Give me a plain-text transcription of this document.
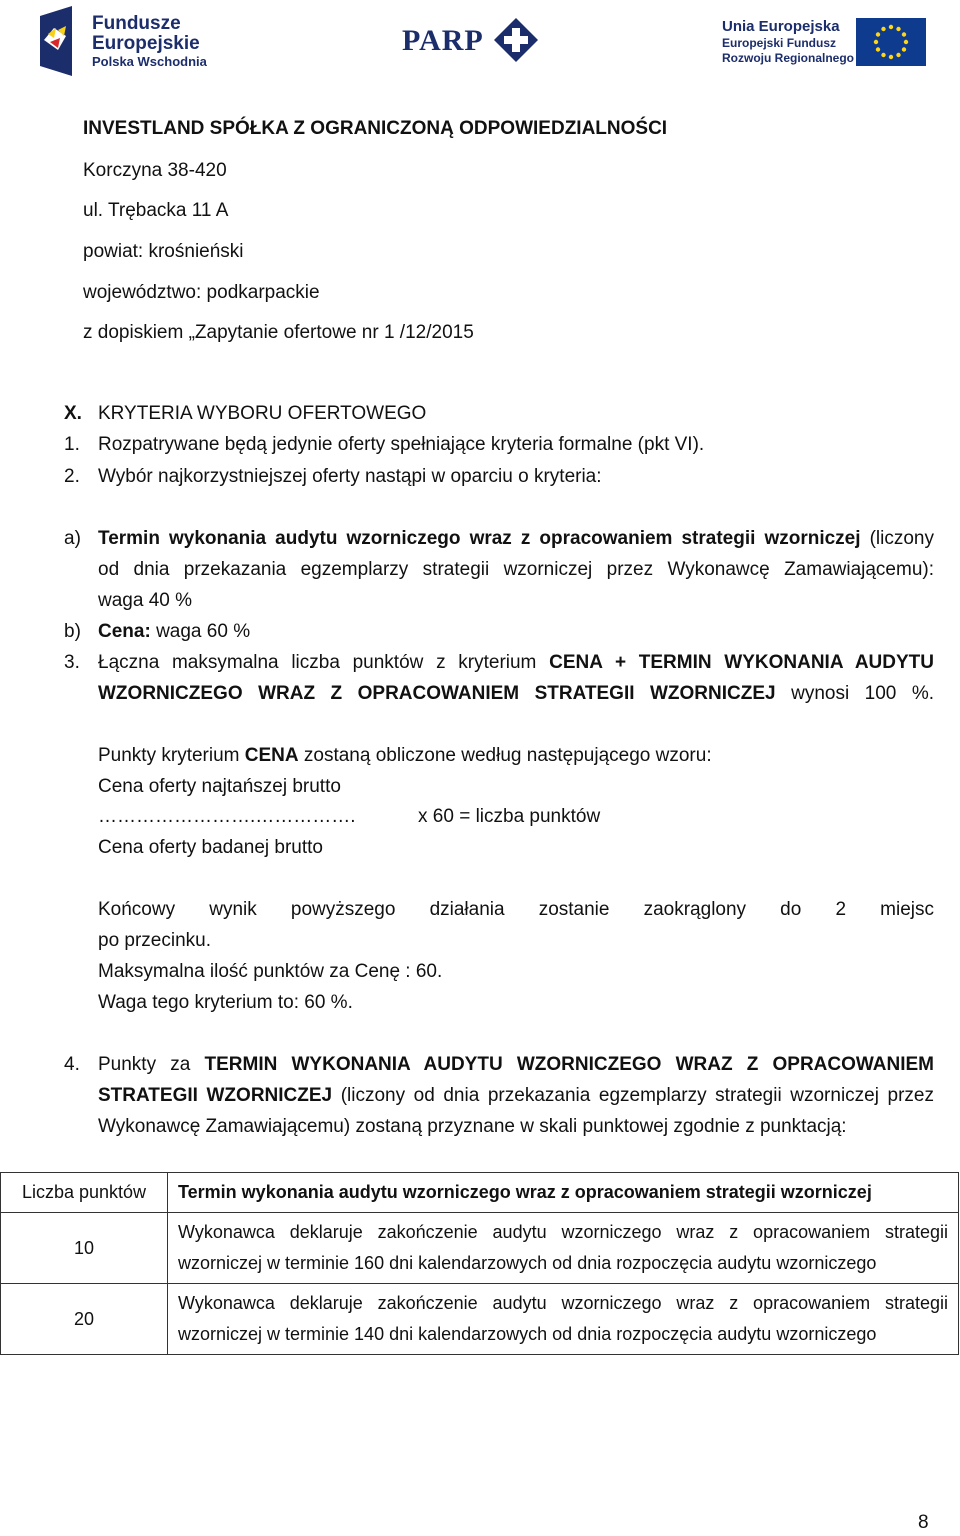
Fundusze
Europejskie
Polska Wschodnia
PARP	Unia Europejska
Europejski Fundusz
Rozwoju Regionalnego
INVESTLAND SPÓŁKA Z OGRANICZONĄ ODPOWIEDZIALNOŚCI
Korczyna 38-420
ul. Trębacka 11 A
powiat: krośnieński
województwo: podkarpackie
z dopiskiem „Zapytanie ofertowe nr 1 /12/2015
X. KRYTERIA WYBORU OFERTOWEGO
1. Rozpatrywane będą jedynie oferty spełniające kryteria formalne (pkt VI).
2. Wybór najkorzystniejszej oferty nastąpi w oparciu o kryteria:
a) Termin wykonania audytu wzorniczego wraz z opracowaniem strategii wzorniczej (liczony
od dnia przekazania egzemplarzy strategii wzorniczej przez Wykonawcę Zamawiającemu):
waga 40 %
b) Cena: waga 60 %
3. Łączna maksymalna liczba punktów z kryterium CENA + TERMIN WYKONANIA AUDYTU
WZORNICZEGO WRAZ Z OPRACOWANIEM STRATEGII WZORNICZEJ wynosi 100 %.
Punkty kryterium CENA zostaną obliczone według następującego wzoru:
Cena oferty najtańszej brutto
…………………….…………….	x 60 = liczba punktów
Cena oferty badanej brutto
Końcowy wynik powyższego działania zostanie zaokrąglony do 2 miejsc
po przecinku.
Maksymalna ilość punktów za Cenę : 60.
Waga tego kryterium to: 60 %.
4. Punkty za TERMIN WYKONANIA AUDYTU WZORNICZEGO WRAZ Z OPRACOWANIEM
STRATEGII WZORNICZEJ (liczony od dnia przekazania egzemplarzy strategii wzorniczej przez
Wykonawcę Zamawiającemu) zostaną przyznane w skali punktowej zgodnie z punktacją:
Liczba punktów	Termin wykonania audytu wzorniczego wraz z opracowaniem strategii wzorniczej
10	Wykonawca deklaruje zakończenie audytu wzorniczego wraz z opracowaniem strategii wzorniczej w terminie 160 dni kalendarzowych od dnia rozpoczęcia audytu wzorniczego
20	Wykonawca deklaruje zakończenie audytu wzorniczego wraz z opracowaniem strategii wzorniczej w terminie 140 dni kalendarzowych od dnia rozpoczęcia audytu wzorniczego
8
